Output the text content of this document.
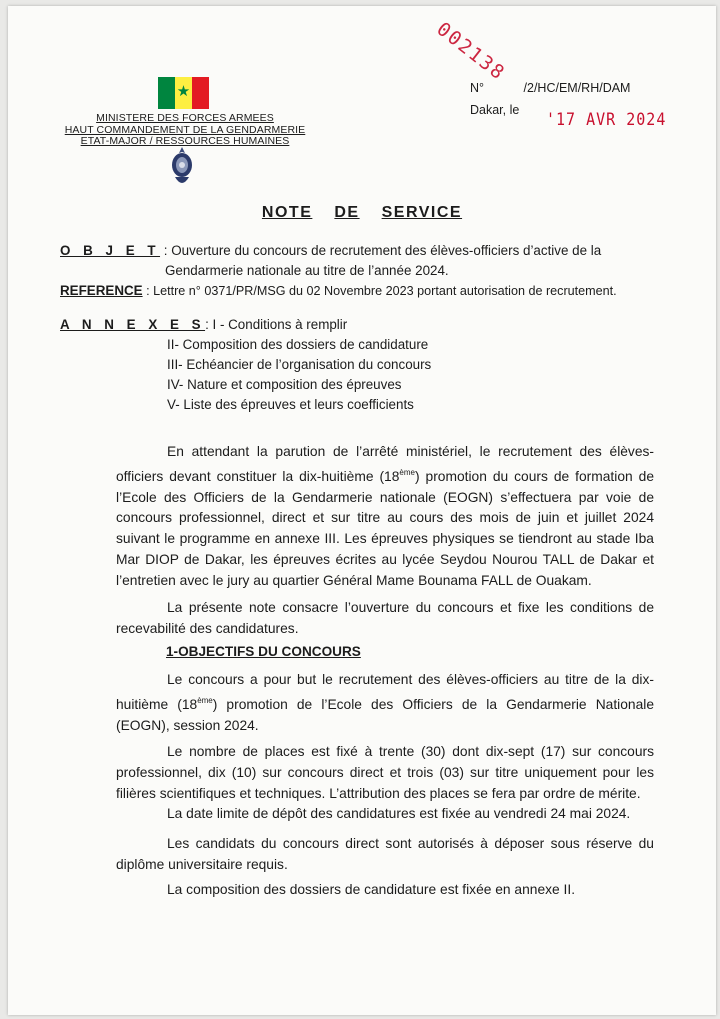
★
MINISTERE DES FORCES ARMEES
HAUT COMMANDEMENT DE LA GENDARMERIE
ETAT-MAJOR / RESSOURCES HUMAINES
002138
N°	/2/HC/EM/RH/DAM
Dakar, le	'17 AVR 2024
NOTE DE SERVICE
O B J E T : Ouverture du concours de recrutement des élèves-officiers d’active de la
Gendarmerie nationale au titre de l’année 2024.
REFERENCE : Lettre n° 0371/PR/MSG du 02 Novembre 2023 portant autorisation de recrutement.
A N N E X E S: I - Conditions à remplir
II- Composition des dossiers de candidature
III- Echéancier de l’organisation du concours
IV- Nature et composition des épreuves
V- Liste des épreuves et leurs coefficients
En attendant la parution de l’arrêté ministériel, le recrutement des élèves-officiers devant constituer la dix-huitième (18ème) promotion du cours de formation de l’Ecole des Officiers de la Gendarmerie nationale (EOGN) s’effectuera par voie de concours professionnel, direct et sur titre au cours des mois de juin et juillet 2024 suivant le programme en annexe III. Les épreuves physiques se tiendront au stade Iba Mar DIOP de Dakar, les épreuves écrites au lycée Seydou Nourou TALL de Dakar et l’entretien avec le jury au quartier Général Mame Bounama FALL de Ouakam.
La présente note consacre l’ouverture du concours et fixe les conditions de recevabilité des candidatures.
1-OBJECTIFS DU CONCOURS
Le concours a pour but le recrutement des élèves-officiers au titre de la dix-huitième (18ème) promotion de l’Ecole des Officiers de la Gendarmerie Nationale (EOGN), session 2024.
Le nombre de places est fixé à trente (30) dont dix-sept (17) sur concours professionnel, dix (10) sur concours direct et trois (03) sur titre uniquement pour les filières scientifiques et techniques. L’attribution des places se fera par ordre de mérite.
La date limite de dépôt des candidatures est fixée au vendredi 24 mai 2024.
Les candidats du concours direct sont autorisés à déposer sous réserve du diplôme universitaire requis.
La composition des dossiers de candidature est fixée en annexe II.
